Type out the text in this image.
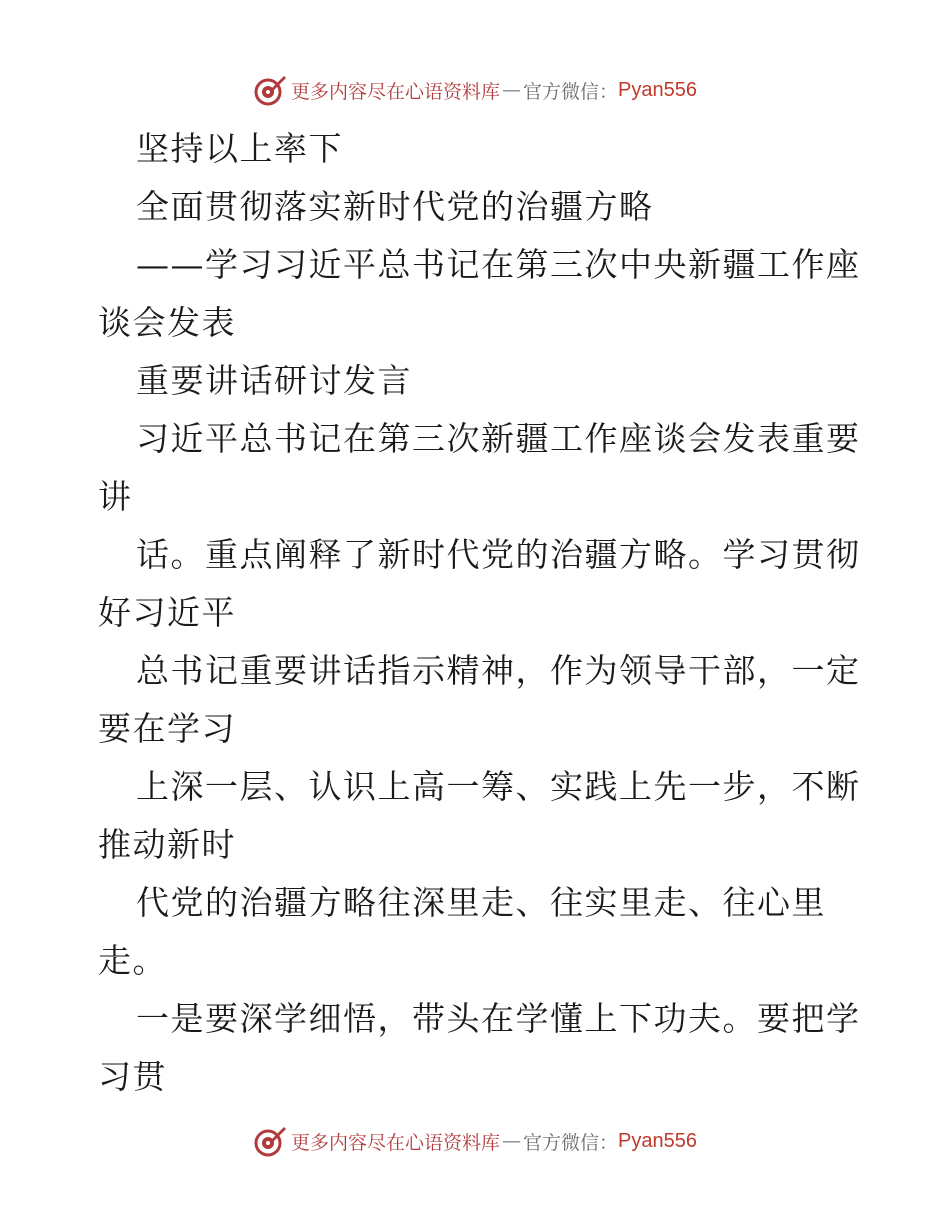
更多内容尽在心语资料库 — 官方微信： Pyan556
坚持以上率下
全面贯彻落实新时代党的治疆方略
——学习习近平总书记在第三次中央新疆工作座
谈会发表
重要讲话研讨发言
习近平总书记在第三次新疆工作座谈会发表重要
讲
话。重点阐释了新时代党的治疆方略。学习贯彻
好习近平
总书记重要讲话指示精神，作为领导干部，一定
要在学习
上深一层、认识上高一筹、实践上先一步，不断
推动新时
代党的治疆方略往深里走、往实里走、往心里
走。
一是要深学细悟，带头在学懂上下功夫。要把学
习贯
更多内容尽在心语资料库 — 官方微信： Pyan556
